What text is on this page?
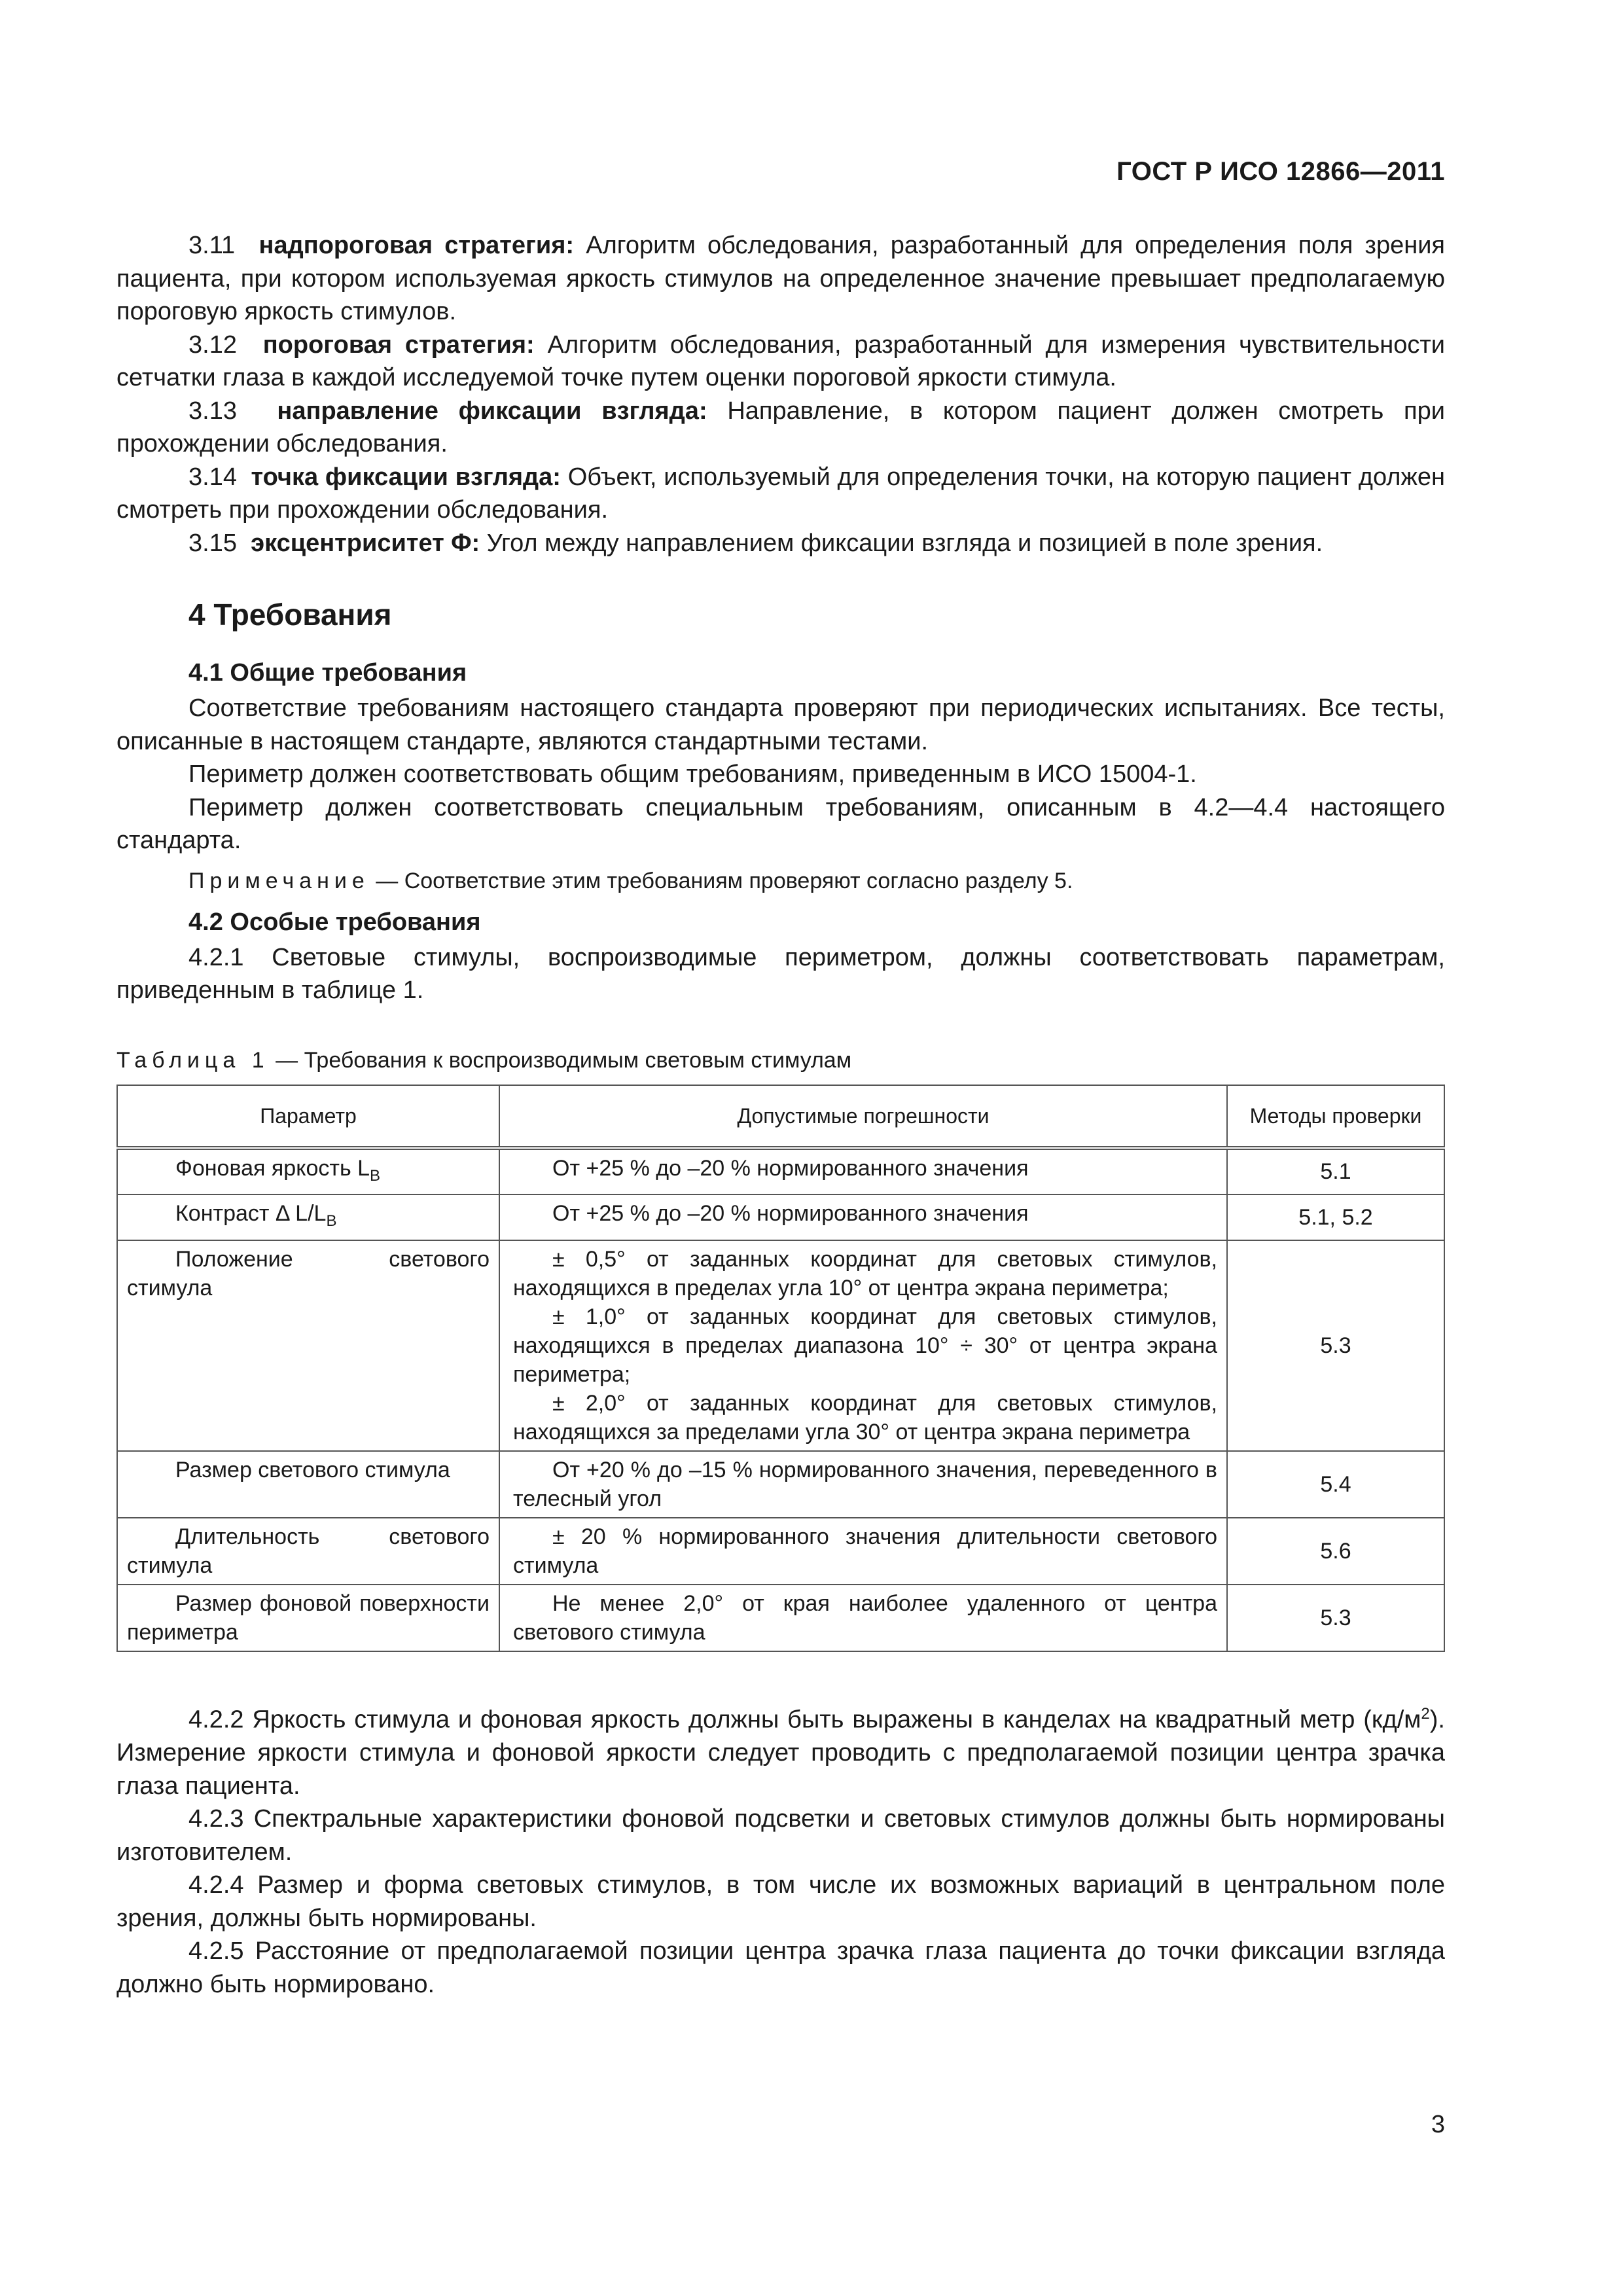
ГОСТ Р ИСО 12866—2011

3.11 надпороговая стратегия: Алгоритм обследования, разработанный для определения поля зрения пациента, при котором используемая яркость стимулов на определенное значение превышает предполагаемую пороговую яркость стимулов.

3.12 пороговая стратегия: Алгоритм обследования, разработанный для измерения чувствительности сетчатки глаза в каждой исследуемой точке путем оценки пороговой яркости стимула.

3.13 направление фиксации взгляда: Направление, в котором пациент должен смотреть при прохождении обследования.

3.14 точка фиксации взгляда: Объект, используемый для определения точки, на которую пациент должен смотреть при прохождении обследования.

3.15 эксцентриситет Φ: Угол между направлением фиксации взгляда и позицией в поле зрения.

4 Требования
4.1 Общие требования

Соответствие требованиям настоящего стандарта проверяют при периодических испытаниях. Все тесты, описанные в настоящем стандарте, являются стандартными тестами.

Периметр должен соответствовать общим требованиям, приведенным в ИСО 15004-1.

Периметр должен соответствовать специальным требованиям, описанным в 4.2—4.4 настоящего стандарта.

Примечание — Соответствие этим требованиям проверяют согласно разделу 5.
4.2 Особые требования

4.2.1 Световые стимулы, воспроизводимые периметром, должны соответствовать параметрам, приведенным в таблице 1.

Таблица 1 — Требования к воспроизводимым световым стимулам
Параметр	Допустимые погрешности	Методы проверки
Фоновая яркость $L_B$	От +25 % до –20 % нормированного значения	5.1
Контраст Δ $L/L_B$	От +25 % до –20 % нормированного значения	5.1, 5.2
Положение светового стимула	± 0,5° от заданных координат для световых стимулов, находящихся в пределах угла 10° от центра экрана периметра;
± 1,0° от заданных координат для световых стимулов, находящихся в пределах диапазона 10° ÷ 30° от центра экрана периметра;
± 2,0° от заданных координат для световых стимулов, находящихся за пределами угла 30° от центра экрана периметра	5.3
Размер светового стимула	От +20 % до –15 % нормированного значения, переведенного в телесный угол	5.4
Длительность светового стимула	± 20 % нормированного значения длительности светового стимула	5.6
Размер фоновой поверхности периметра	Не менее 2,0° от края наиболее удаленного от центра светового стимула	5.3

4.2.2 Яркость стимула и фоновая яркость должны быть выражены в канделах на квадратный метр $(кд/м^2)$. Измерение яркости стимула и фоновой яркости следует проводить с предполагаемой позиции центра зрачка глаза пациента.

4.2.3 Спектральные характеристики фоновой подсветки и световых стимулов должны быть нормированы изготовителем.

4.2.4 Размер и форма световых стимулов, в том числе их возможных вариаций в центральном поле зрения, должны быть нормированы.

4.2.5 Расстояние от предполагаемой позиции центра зрачка глаза пациента до точки фиксации взгляда должно быть нормировано.

3
